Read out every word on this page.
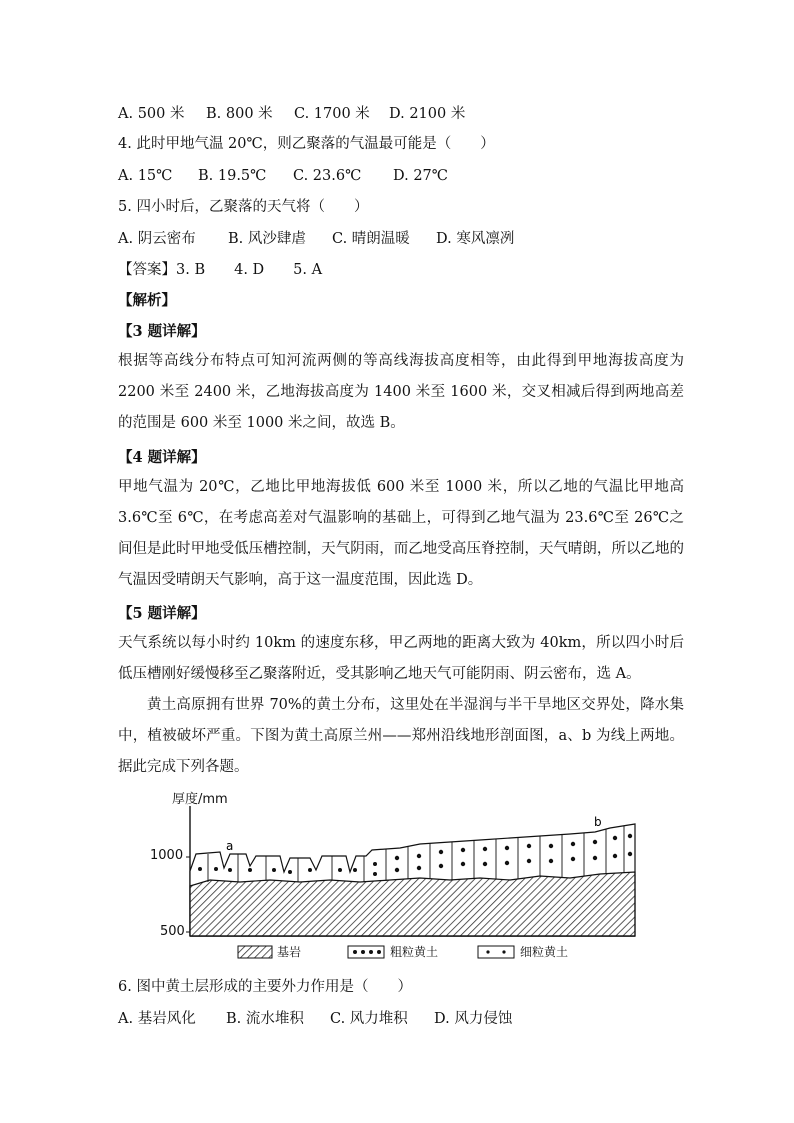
A. 500 米 B. 800 米 C. 1700 米 D. 2100 米
4. 此时甲地气温 20℃，则乙聚落的气温最可能是（　　）
A. 15℃ B. 19.5℃ C. 23.6℃ D. 27℃
5. 四小时后，乙聚落的天气将（　　）
A. 阴云密布 B. 风沙肆虐 C. 晴朗温暖 D. 寒风凛冽
【答案】3. B　　4. D　　5. A
【解析】
【3 题详解】
根据等高线分布特点可知河流两侧的等高线海拔高度相等，由此得到甲地海拔高度为 2200 米至 2400 米，乙地海拔高度为 1400 米至 1600 米，交叉相减后得到两地高差的范围是 600 米至 1000 米之间，故选 B。
【4 题详解】
甲地气温为 20℃，乙地比甲地海拔低 600 米至 1000 米，所以乙地的气温比甲地高 3.6℃至 6℃，在考虑高差对气温影响的基础上，可得到乙地气温为 23.6℃至 26℃之间但是此时甲地受低压槽控制，天气阴雨，而乙地受高压脊控制，天气晴朗，所以乙地的气温因受晴朗天气影响，高于这一温度范围，因此选 D。
【5 题详解】
天气系统以每小时约 10km 的速度东移，甲乙两地的距离大致为 40km，所以四小时后低压槽刚好缓慢移至乙聚落附近，受其影响乙地天气可能阴雨、阴云密布，选 A。
黄土高原拥有世界 70%的黄土分布，这里处在半湿润与半干旱地区交界处，降水集中，植被破坏严重。下图为黄土高原兰州——郑州沿线地形剖面图，a、b 为线上两地。据此完成下列各题。
厚度/mm
1000
500
a
b
基岩	粗粒黄土	细粒黄土
6. 图中黄土层形成的主要外力作用是（　　）
A. 基岩风化 B. 流水堆积 C. 风力堆积 D. 风力侵蚀
